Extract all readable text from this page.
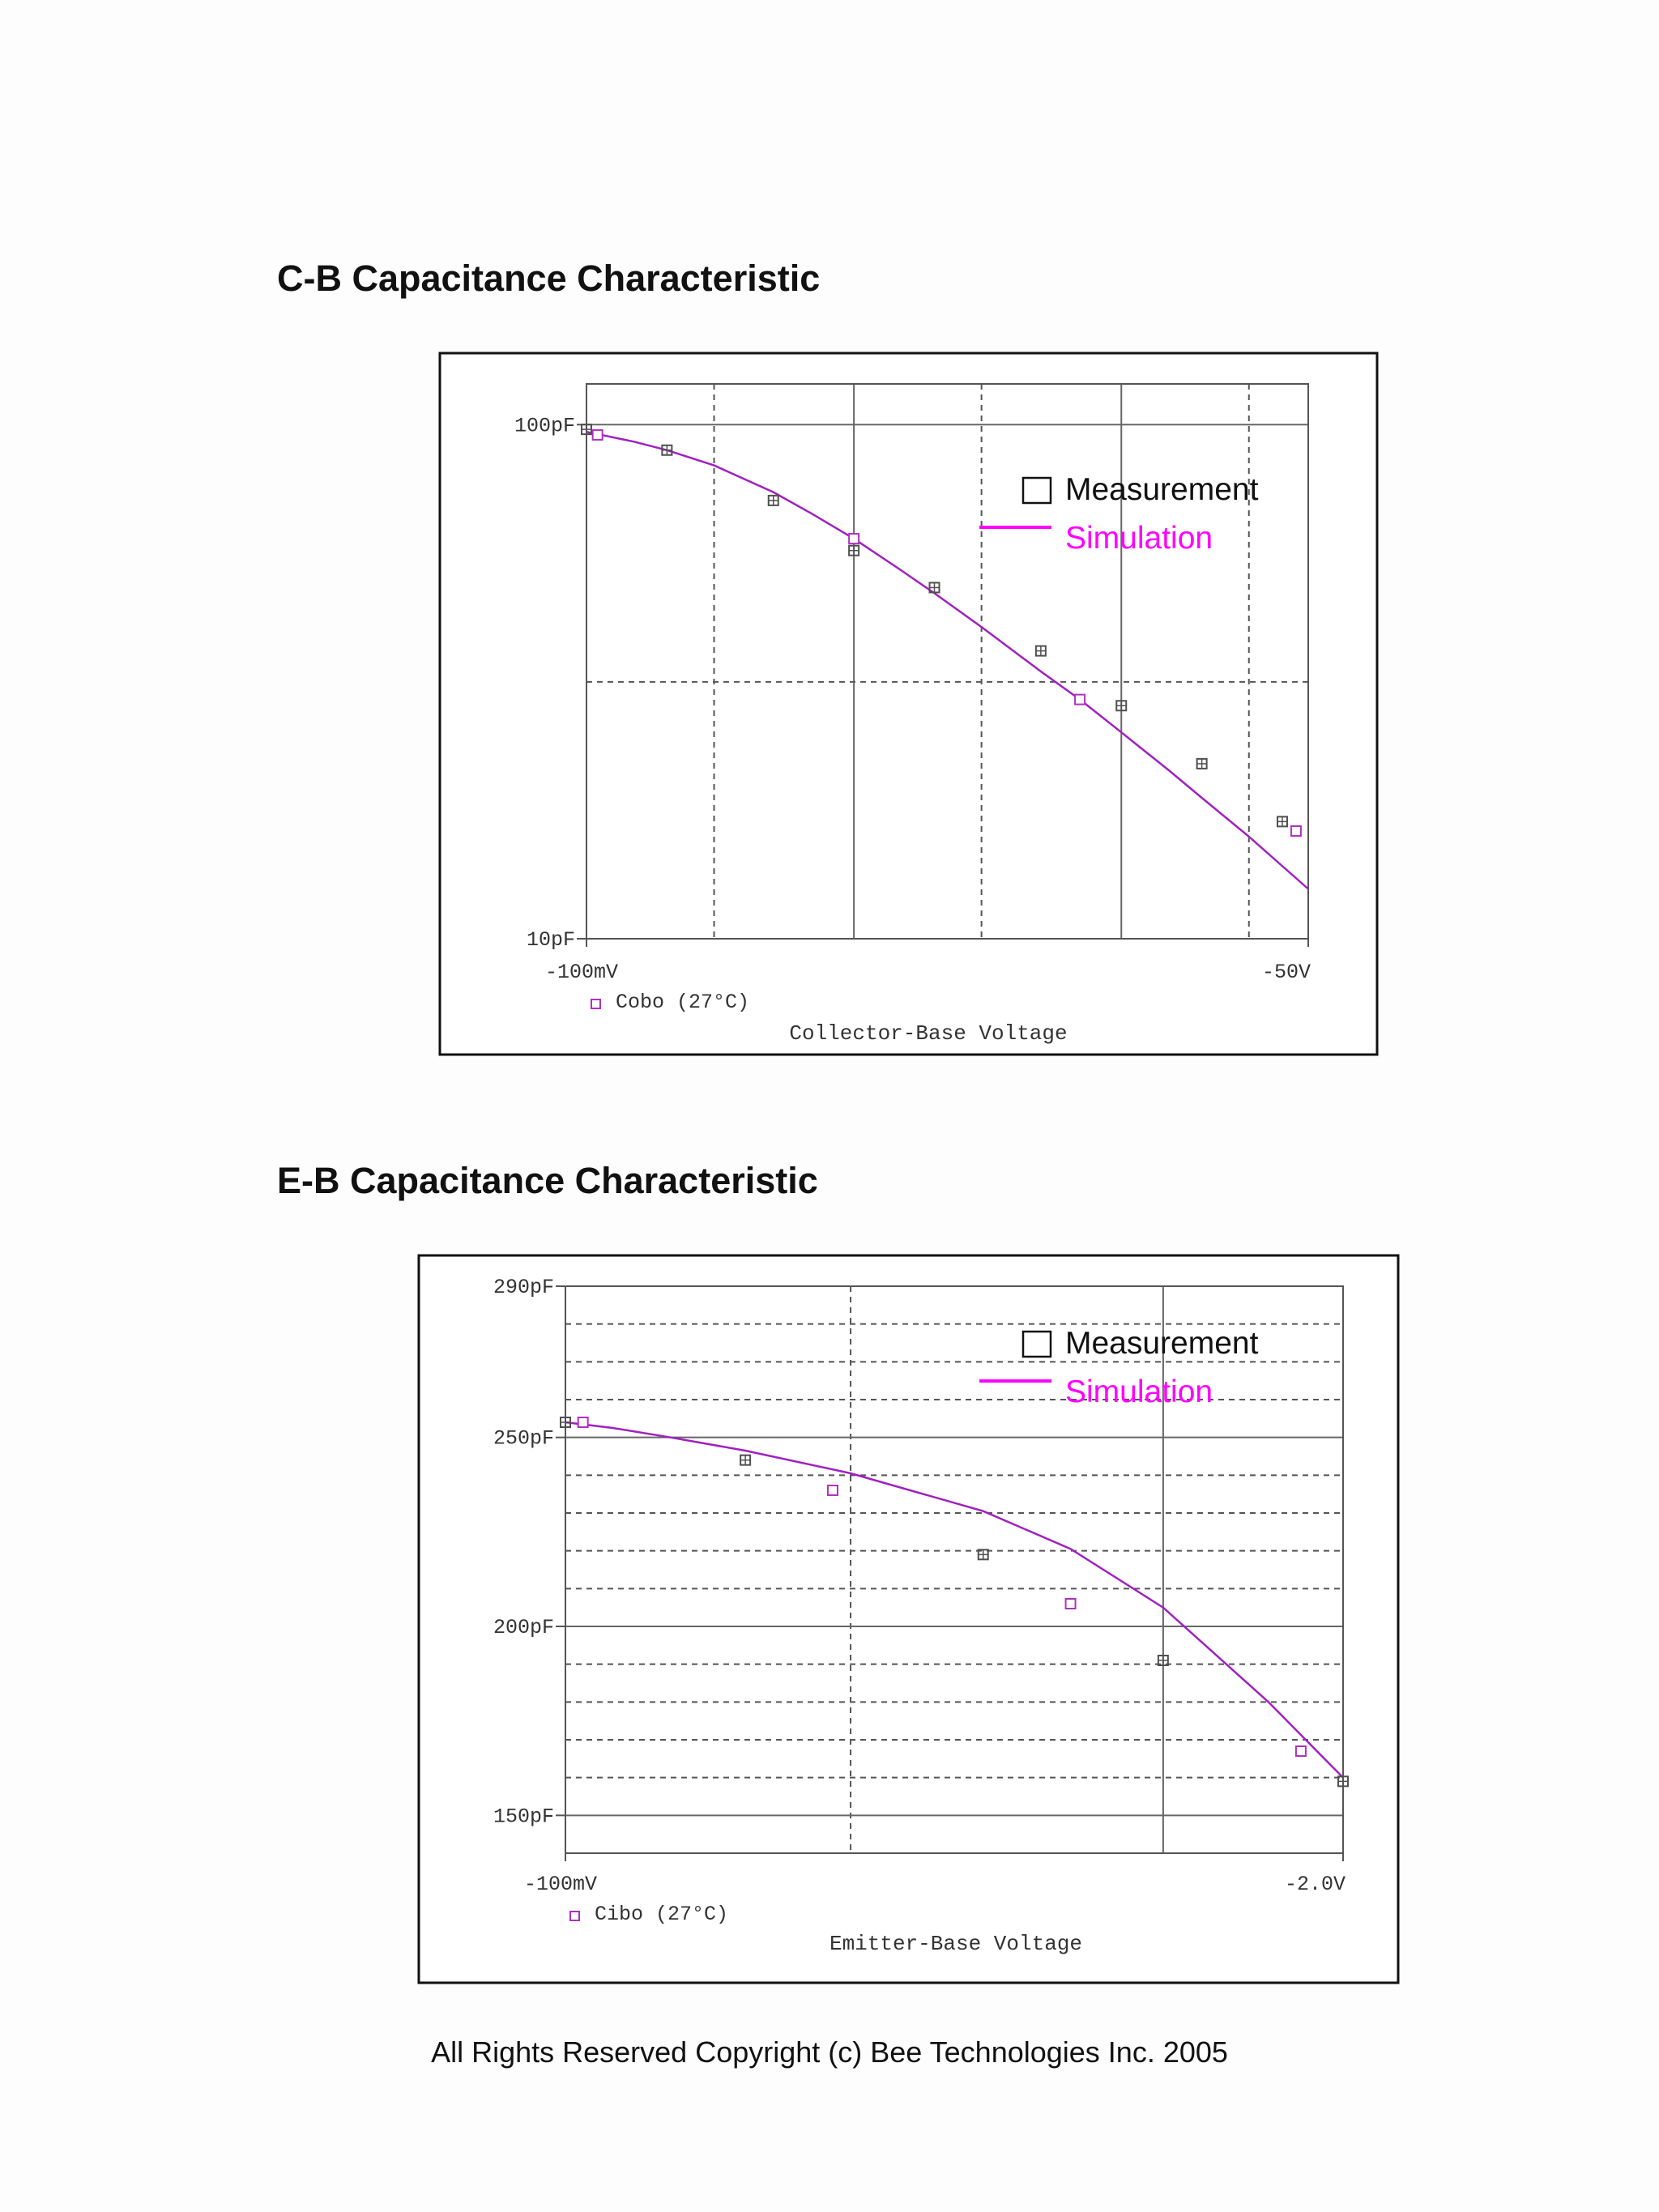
C-B Capacitance Characteristic
100pF
10pF
Measurement
Simulation
-100mV	-50V
Cobo (27°C)
Collector-Base Voltage
E-B Capacitance Characteristic
290pF
250pF
200pF
150pF
Measurement
Simulation
-100mV	-2.0V
Cibo (27°C)
Emitter-Base Voltage
All Rights Reserved Copyright (c) Bee Technologies Inc. 2005
